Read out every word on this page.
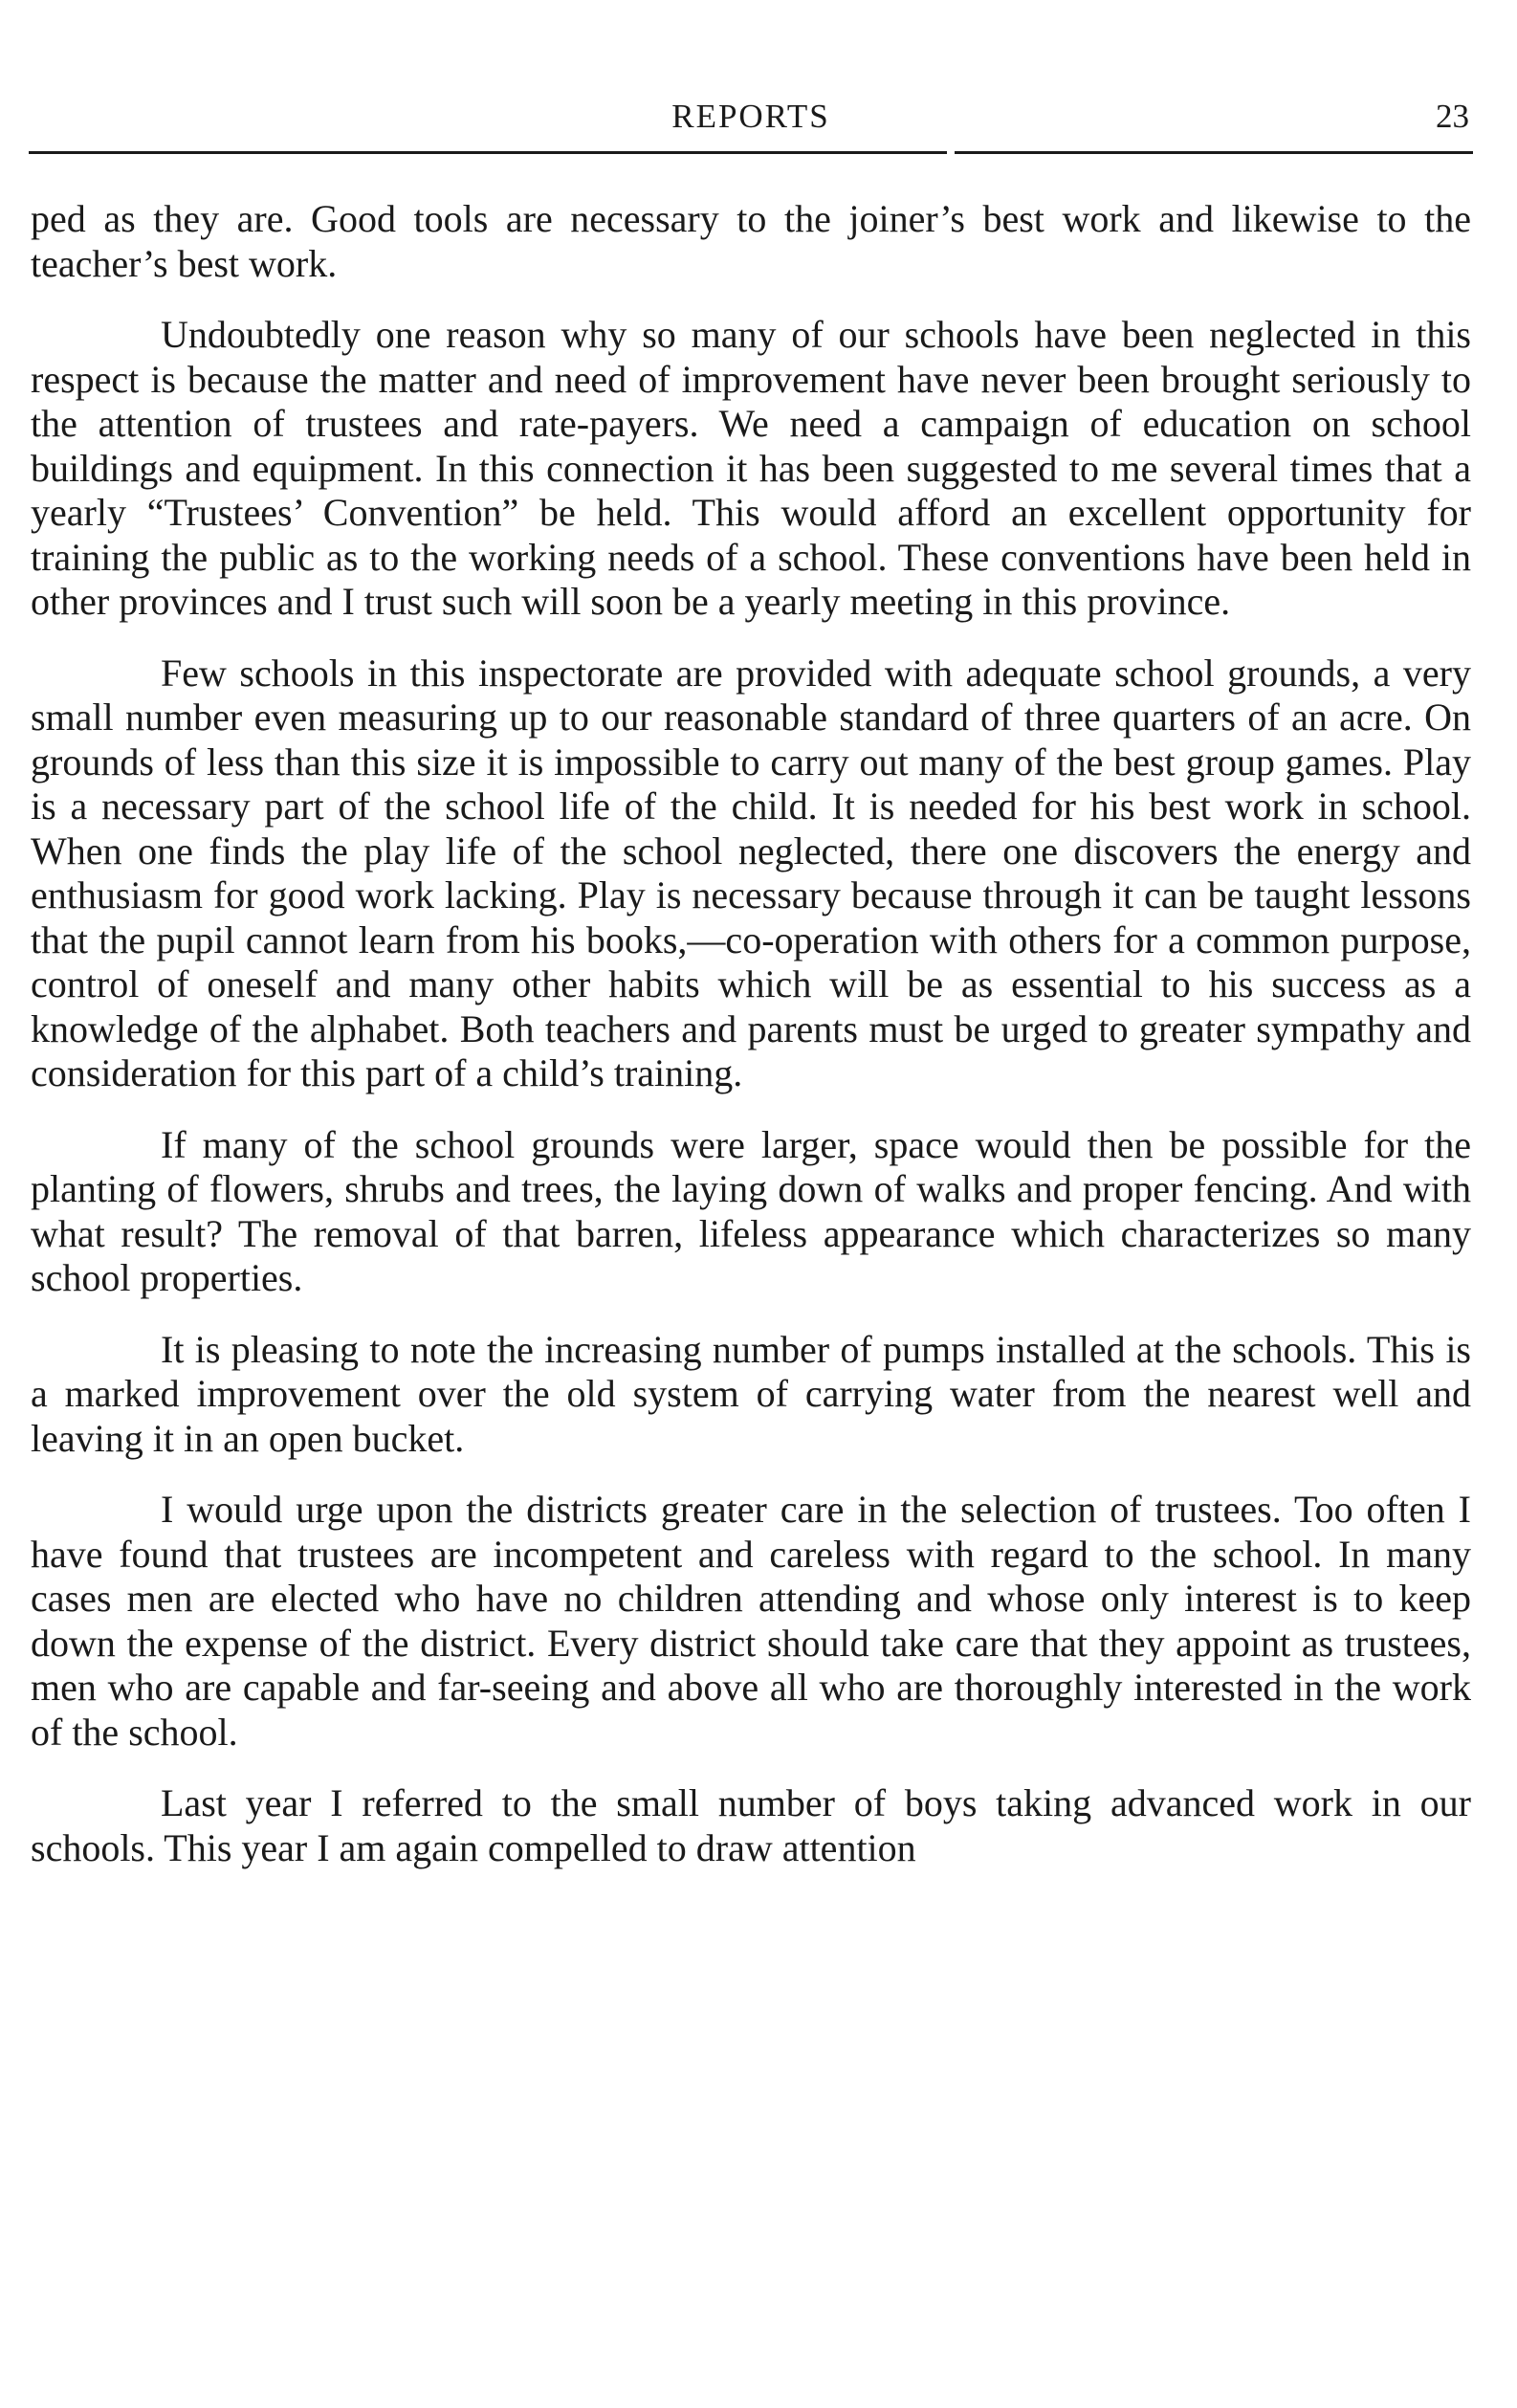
REPORTS	23

ped as they are. Good tools are necessary to the joiner’s best work and likewise to the teacher’s best work.

Undoubtedly one reason why so many of our schools have been neglected in this respect is because the matter and need of improvement have never been brought seriously to the attention of trustees and rate-payers. We need a campaign of education on school buildings and equipment. In this connection it has been suggested to me several times that a yearly “Trustees’ Convention” be held. This would afford an excellent opportunity for training the public as to the working needs of a school. These conventions have been held in other provinces and I trust such will soon be a yearly meeting in this province.

Few schools in this inspectorate are provided with adequate school grounds, a very small number even measuring up to our reasonable standard of three quarters of an acre. On grounds of less than this size it is impossible to carry out many of the best group games. Play is a necessary part of the school life of the child. It is needed for his best work in school. When one finds the play life of the school neglected, there one discovers the energy and enthusiasm for good work lacking. Play is necessary because through it can be taught lessons that the pupil cannot learn from his books,—co-operation with others for a common purpose, control of oneself and many other habits which will be as essential to his success as a knowledge of the alphabet. Both teachers and parents must be urged to greater sympathy and consideration for this part of a child’s training.

If many of the school grounds were larger, space would then be possible for the planting of flowers, shrubs and trees, the laying down of walks and proper fencing. And with what result? The removal of that barren, lifeless appearance which characterizes so many school properties.

It is pleasing to note the increasing number of pumps installed at the schools. This is a marked improvement over the old system of carrying water from the nearest well and leaving it in an open bucket.

I would urge upon the districts greater care in the selection of trustees. Too often I have found that trustees are incompetent and careless with regard to the school. In many cases men are elected who have no children attending and whose only interest is to keep down the expense of the district. Every district should take care that they appoint as trustees, men who are capable and far-seeing and above all who are thoroughly interested in the work of the school.

Last year I referred to the small number of boys taking advanced work in our schools. This year I am again compelled to draw attention
